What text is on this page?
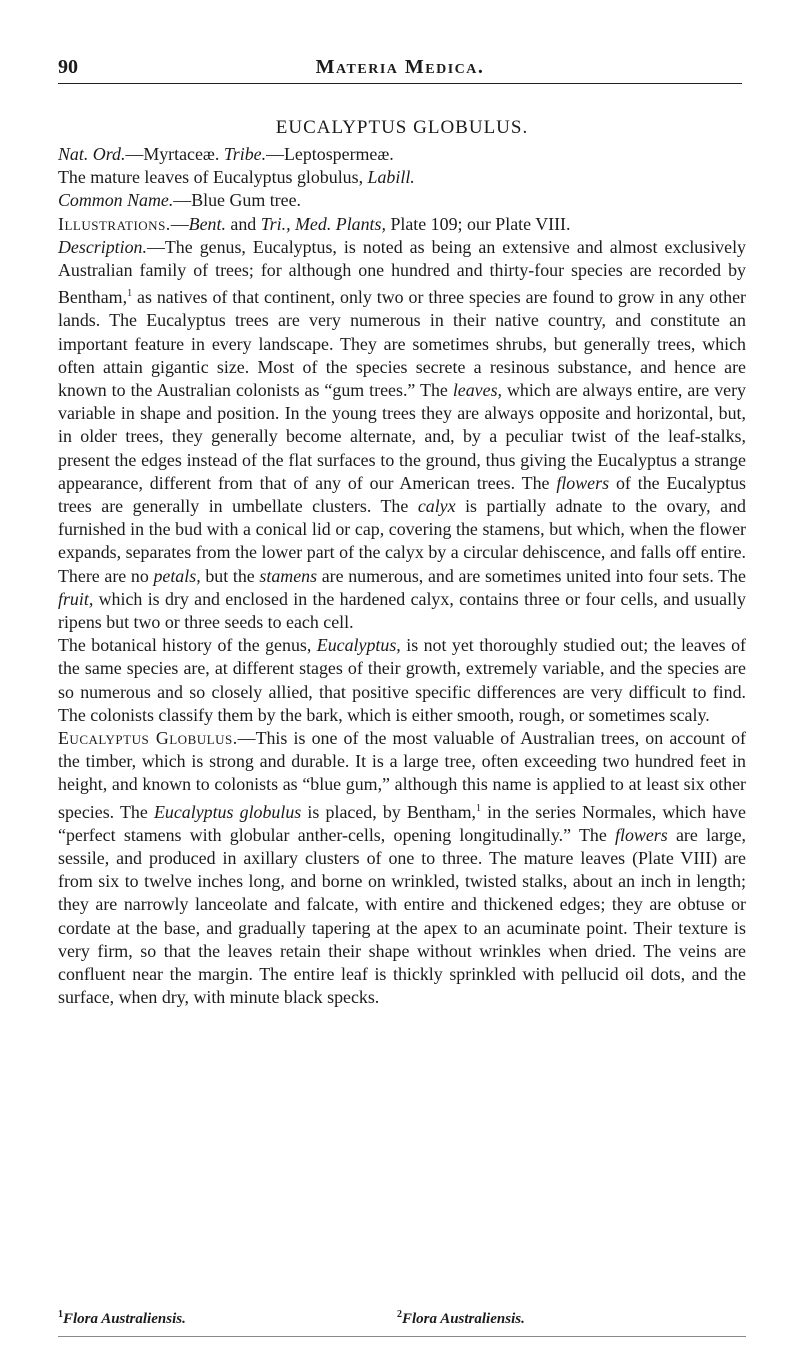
90	Materia Medica.
EUCALYPTUS GLOBULUS.

Nat. Ord.—Myrtaceæ. Tribe.—Leptospermeæ.

The mature leaves of Eucalyptus globulus, Labill.

Common Name.—Blue Gum tree.

Illustrations.—Bent. and Tri., Med. Plants, Plate 109; our Plate VIII.

Description.—The genus, Eucalyptus, is noted as being an extensive and almost exclusively Australian family of trees; for although one hundred and thirty-four species are recorded by Bentham,$^1$ as natives of that continent, only two or three species are found to grow in any other lands. The Eucalyptus trees are very numerous in their native country, and constitute an important feature in every landscape. They are sometimes shrubs, but generally trees, which often attain gigantic size. Most of the species secrete a resinous substance, and hence are known to the Australian colonists as “gum trees.” The leaves, which are always entire, are very variable in shape and position. In the young trees they are always opposite and horizontal, but, in older trees, they generally become alternate, and, by a peculiar twist of the leaf-stalks, present the edges instead of the flat surfaces to the ground, thus giving the Eucalyptus a strange appearance, different from that of any of our American trees. The flowers of the Eucalyptus trees are generally in umbellate clusters. The calyx is partially adnate to the ovary, and furnished in the bud with a conical lid or cap, covering the stamens, but which, when the flower expands, separates from the lower part of the calyx by a circular dehiscence, and falls off entire. There are no petals, but the stamens are numerous, and are sometimes united into four sets. The fruit, which is dry and enclosed in the hardened calyx, contains three or four cells, and usually ripens but two or three seeds to each cell.

The botanical history of the genus, Eucalyptus, is not yet thoroughly studied out; the leaves of the same species are, at different stages of their growth, extremely variable, and the species are so numerous and so closely allied, that positive specific differences are very difficult to find. The colonists classify them by the bark, which is either smooth, rough, or sometimes scaly.

Eucalyptus Globulus.—This is one of the most valuable of Australian trees, on account of the timber, which is strong and durable. It is a large tree, often exceeding two hundred feet in height, and known to colonists as “blue gum,” although this name is applied to at least six other species. The Eucalyptus globulus is placed, by Bentham,$^1$ in the series Normales, which have “perfect stamens with globular anther-cells, opening longitudinally.” The flowers are large, sessile, and produced in axillary clusters of one to three. The mature leaves (Plate VIII) are from six to twelve inches long, and borne on wrinkled, twisted stalks, about an inch in length; they are narrowly lanceolate and falcate, with entire and thickened edges; they are obtuse or cordate at the base, and gradually tapering at the apex to an acuminate point. Their texture is very firm, so that the leaves retain their shape without wrinkles when dried. The veins are confluent near the margin. The entire leaf is thickly sprinkled with pellucid oil dots, and the surface, when dry, with minute black specks.

$^1$Flora Australiensis.	$^2$Flora Australiensis.
